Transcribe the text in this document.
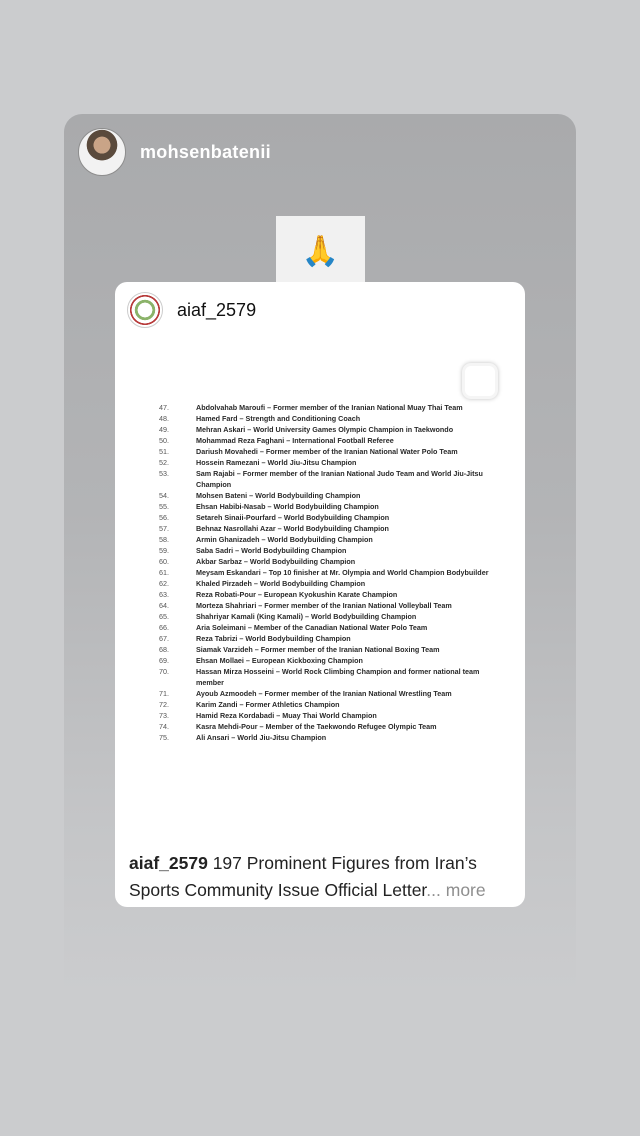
mohsenbatenii
🙏
aiaf_2579
47.	Abdolvahab Maroufi – Former member of the Iranian National Muay Thai Team
48.	Hamed Fard – Strength and Conditioning Coach
49.	Mehran Askari – World University Games Olympic Champion in Taekwondo
50.	Mohammad Reza Faghani – International Football Referee
51.	Dariush Movahedi – Former member of the Iranian National Water Polo Team
52.	Hossein Ramezani – World Jiu-Jitsu Champion
53.	Sam Rajabi – Former member of the Iranian National Judo Team and World Jiu-Jitsu Champion
54.	Mohsen Bateni – World Bodybuilding Champion
55.	Ehsan Habibi-Nasab – World Bodybuilding Champion
56.	Setareh Sinaii-Pourfard – World Bodybuilding Champion
57.	Behnaz Nasrollahi Azar – World Bodybuilding Champion
58.	Armin Ghanizadeh – World Bodybuilding Champion
59.	Saba Sadri – World Bodybuilding Champion
60.	Akbar Sarbaz – World Bodybuilding Champion
61.	Meysam Eskandari – Top 10 finisher at Mr. Olympia and World Champion Bodybuilder
62.	Khaled Pirzadeh – World Bodybuilding Champion
63.	Reza Robati-Pour – European Kyokushin Karate Champion
64.	Morteza Shahriari – Former member of the Iranian National Volleyball Team
65.	Shahriyar Kamali (King Kamali) – World Bodybuilding Champion
66.	Aria Soleimani – Member of the Canadian National Water Polo Team
67.	Reza Tabrizi – World Bodybuilding Champion
68.	Siamak Varzideh – Former member of the Iranian National Boxing Team
69.	Ehsan Mollaei – European Kickboxing Champion
70.	Hassan Mirza Hosseini – World Rock Climbing Champion and former national team member
71.	Ayoub Azmoodeh – Former member of the Iranian National Wrestling Team
72.	Karim Zandi – Former Athletics Champion
73.	Hamid Reza Kordabadi – Muay Thai World Champion
74.	Kasra Mehdi-Pour – Member of the Taekwondo Refugee Olympic Team
75.	Ali Ansari – World Jiu-Jitsu Champion
aiaf_2579 197 Prominent Figures from Iran’s Sports Community Issue Official Letter... more
